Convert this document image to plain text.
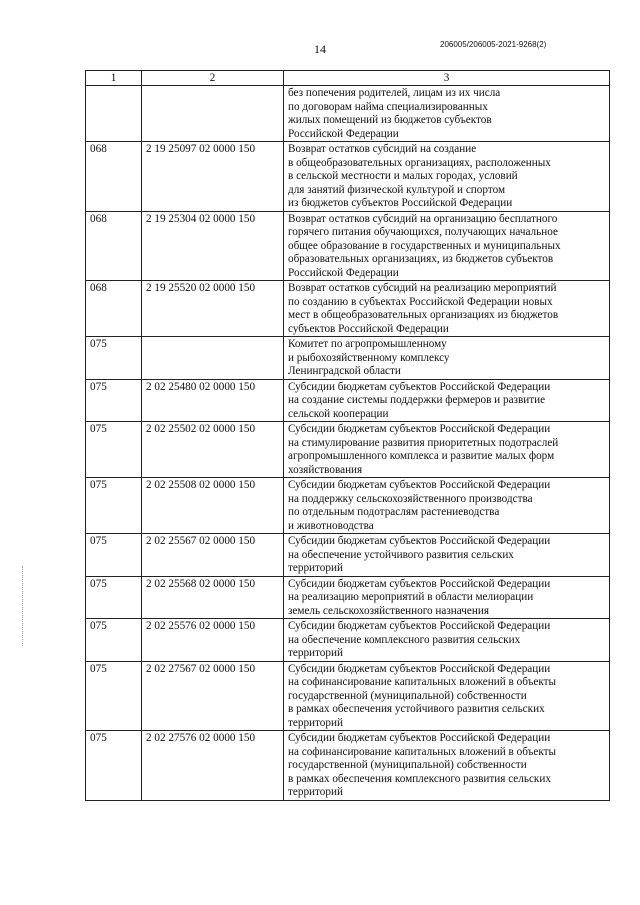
14	206005/206005-2021-9268(2)
1	2	3
		без попечения родителей, лицам из их числа
по договорам найма специализированных
жилых помещений из бюджетов субъектов
Российской Федерации
068	2 19 25097 02 0000 150	Возврат остатков субсидий на создание
в общеобразовательных организациях, расположенных
в сельской местности и малых городах, условий
для занятий физической культурой и спортом
из бюджетов субъектов Российской Федерации
068	2 19 25304 02 0000 150	Возврат остатков субсидий на организацию бесплатного
горячего питания обучающихся, получающих начальное
общее образование в государственных и муниципальных
образовательных организациях, из бюджетов субъектов
Российской Федерации
068	2 19 25520 02 0000 150	Возврат остатков субсидий на реализацию мероприятий
по созданию в субъектах Российской Федерации новых
мест в общеобразовательных организациях из бюджетов
субъектов Российской Федерации
075		Комитет по агропромышленному
и рыбохозяйственному комплексу
Ленинградской области
075	2 02 25480 02 0000 150	Субсидии бюджетам субъектов Российской Федерации
на создание системы поддержки фермеров и развитие
сельской кооперации
075	2 02 25502 02 0000 150	Субсидии бюджетам субъектов Российской Федерации
на стимулирование развития приоритетных подотраслей
агропромышленного комплекса и развитие малых форм
хозяйствования
075	2 02 25508 02 0000 150	Субсидии бюджетам субъектов Российской Федерации
на поддержку сельскохозяйственного производства
по отдельным подотраслям растениеводства
и животноводства
075	2 02 25567 02 0000 150	Субсидии бюджетам субъектов Российской Федерации
на обеспечение устойчивого развития сельских
территорий
075	2 02 25568 02 0000 150	Субсидии бюджетам субъектов Российской Федерации
на реализацию мероприятий в области мелиорации
земель сельскохозяйственного назначения
075	2 02 25576 02 0000 150	Субсидии бюджетам субъектов Российской Федерации
на обеспечение комплексного развития сельских
территорий
075	2 02 27567 02 0000 150	Субсидии бюджетам субъектов Российской Федерации
на софинансирование капитальных вложений в объекты
государственной (муниципальной) собственности
в рамках обеспечения устойчивого развития сельских
территорий
075	2 02 27576 02 0000 150	Субсидии бюджетам субъектов Российской Федерации
на софинансирование капитальных вложений в объекты
государственной (муниципальной) собственности
в рамках обеспечения комплексного развития сельских
территорий
